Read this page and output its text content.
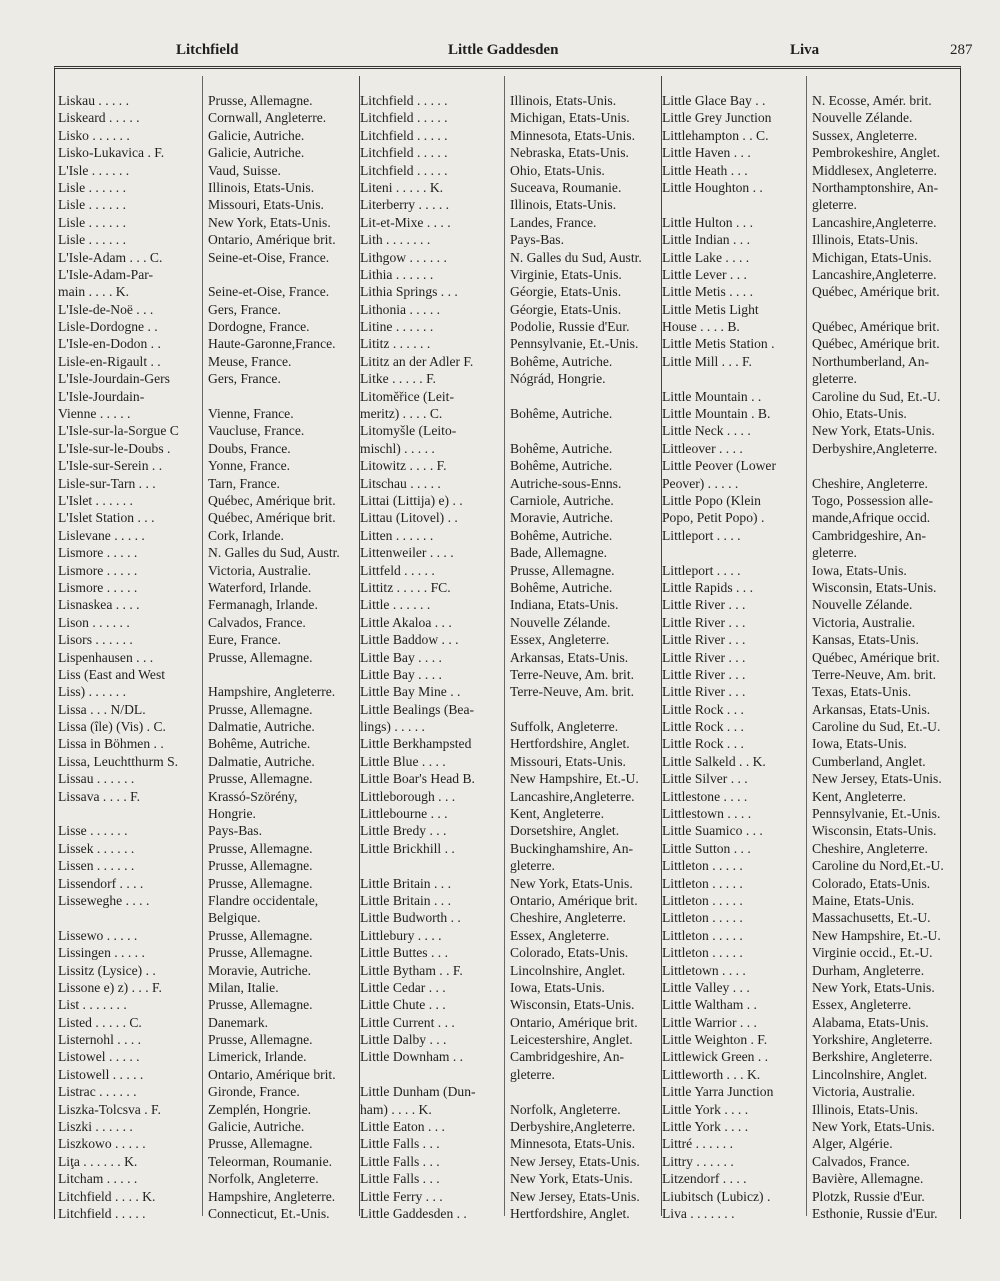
Litchfield	Little Gaddesden	Liva	287
Liskau . . . . .	Prusse, Allemagne.
Liskeard . . . . .	Cornwall, Angleterre.
Lisko . . . . . .	Galicie, Autriche.
Lisko-Lukavica . F.	Galicie, Autriche.
L'Isle . . . . . .	Vaud, Suisse.
Lisle . . . . . .	Illinois, Etats-Unis.
Lisle . . . . . .	Missouri, Etats-Unis.
Lisle . . . . . .	New York, Etats-Unis.
Lisle . . . . . .	Ontario, Amérique brit.
L'Isle-Adam . . . C.	Seine-et-Oise, France.
L'Isle-Adam-Par-
main . . . . K.	Seine-et-Oise, France.
L'Isle-de-Noë . . .	Gers, France.
Lisle-Dordogne . .	Dordogne, France.
L'Isle-en-Dodon . .	Haute-Garonne,France.
Lisle-en-Rigault . .	Meuse, France.
L'Isle-Jourdain-Gers	Gers, France.
L'Isle-Jourdain-
Vienne . . . . .	Vienne, France.
L'Isle-sur-la-Sorgue C	Vaucluse, France.
L'Isle-sur-le-Doubs .	Doubs, France.
L'Isle-sur-Serein . .	Yonne, France.
Lisle-sur-Tarn . . .	Tarn, France.
L'Islet . . . . . .	Québec, Amérique brit.
L'Islet Station . . .	Québec, Amérique brit.
Lislevane . . . . .	Cork, Irlande.
Lismore . . . . .	N. Galles du Sud, Austr.
Lismore . . . . .	Victoria, Australie.
Lismore . . . . .	Waterford, Irlande.
Lisnaskea . . . .	Fermanagh, Irlande.
Lison . . . . . .	Calvados, France.
Lisors . . . . . .	Eure, France.
Lispenhausen . . .	Prusse, Allemagne.
Liss (East and West
Liss) . . . . . .	Hampshire, Angleterre.
Lissa . . . N/DL.	Prusse, Allemagne.
Lissa (île) (Vis) . C.	Dalmatie, Autriche.
Lissa in Böhmen . .	Bohême, Autriche.
Lissa, Leuchtthurm S.	Dalmatie, Autriche.
Lissau . . . . . .	Prusse, Allemagne.
Lissava . . . . F.	Krassó-Szörény,
Hongrie.
Lisse . . . . . .	Pays-Bas.
Lissek . . . . . .	Prusse, Allemagne.
Lissen . . . . . .	Prusse, Allemagne.
Lissendorf . . . .	Prusse, Allemagne.
Lisseweghe . . . .	Flandre occidentale,
Belgique.
Lissewo . . . . .	Prusse, Allemagne.
Lissingen . . . . .	Prusse, Allemagne.
Lissitz (Lysice) . .	Moravie, Autriche.
Lissone e) z) . . . F.	Milan, Italie.
List . . . . . . .	Prusse, Allemagne.
Listed . . . . . C.	Danemark.
Listernohl . . . .	Prusse, Allemagne.
Listowel . . . . .	Limerick, Irlande.
Listowell . . . . .	Ontario, Amérique brit.
Listrac . . . . . .	Gironde, France.
Liszka-Tolcsva . F.	Zemplén, Hongrie.
Liszki . . . . . .	Galicie, Autriche.
Liszkowo . . . . .	Prusse, Allemagne.
Liţa . . . . . . K.	Teleorman, Roumanie.
Litcham . . . . .	Norfolk, Angleterre.
Litchfield . . . . K.	Hampshire, Angleterre.
Litchfield . . . . .	Connecticut, Et.-Unis.
Litchfield . . . . .	Illinois, Etats-Unis.
Litchfield . . . . .	Michigan, Etats-Unis.
Litchfield . . . . .	Minnesota, Etats-Unis.
Litchfield . . . . .	Nebraska, Etats-Unis.
Litchfield . . . . .	Ohio, Etats-Unis.
Liteni . . . . . K.	Suceava, Roumanie.
Literberry . . . . .	Illinois, Etats-Unis.
Lit-et-Mixe . . . .	Landes, France.
Lith . . . . . . .	Pays-Bas.
Lithgow . . . . . .	N. Galles du Sud, Austr.
Lithia . . . . . .	Virginie, Etats-Unis.
Lithia Springs . . .	Géorgie, Etats-Unis.
Lithonia . . . . .	Géorgie, Etats-Unis.
Litine . . . . . .	Podolie, Russie d'Eur.
Lititz . . . . . .	Pennsylvanie, Et.-Unis.
Lititz an der Adler F.	Bohême, Autriche.
Litke . . . . . F.	Nógrád, Hongrie.
Litomĕřice (Leit-
meritz) . . . . C.	Bohême, Autriche.
Litomyšle (Leito-
mischl) . . . . .	Bohême, Autriche.
Litowitz . . . . F.	Bohême, Autriche.
Litschau . . . . .	Autriche-sous-Enns.
Littai (Littija) e) . .	Carniole, Autriche.
Littau (Litovel) . .	Moravie, Autriche.
Litten . . . . . .	Bohême, Autriche.
Littenweiler . . . .	Bade, Allemagne.
Littfeld . . . . .	Prusse, Allemagne.
Littitz . . . . . FC.	Bohême, Autriche.
Little . . . . . .	Indiana, Etats-Unis.
Little Akaloa . . .	Nouvelle Zélande.
Little Baddow . . .	Essex, Angleterre.
Little Bay . . . .	Arkansas, Etats-Unis.
Little Bay . . . .	Terre-Neuve, Am. brit.
Little Bay Mine . .	Terre-Neuve, Am. brit.
Little Bealings (Bea-
lings) . . . . .	Suffolk, Angleterre.
Little Berkhampsted	Hertfordshire, Anglet.
Little Blue . . . .	Missouri, Etats-Unis.
Little Boar's Head B.	New Hampshire, Et.-U.
Littleborough . . .	Lancashire,Angleterre.
Littlebourne . . .	Kent, Angleterre.
Little Bredy . . .	Dorsetshire, Anglet.
Little Brickhill . .	Buckinghamshire, An-
gleterre.
Little Britain . . .	New York, Etats-Unis.
Little Britain . . .	Ontario, Amérique brit.
Little Budworth . .	Cheshire, Angleterre.
Littlebury . . . .	Essex, Angleterre.
Little Buttes . . .	Colorado, Etats-Unis.
Little Bytham . . F.	Lincolnshire, Anglet.
Little Cedar . . .	Iowa, Etats-Unis.
Little Chute . . .	Wisconsin, Etats-Unis.
Little Current . . .	Ontario, Amérique brit.
Little Dalby . . .	Leicestershire, Anglet.
Little Downham . .	Cambridgeshire, An-
gleterre.
Little Dunham (Dun-
ham) . . . . K.	Norfolk, Angleterre.
Little Eaton . . .	Derbyshire,Angleterre.
Little Falls . . .	Minnesota, Etats-Unis.
Little Falls . . .	New Jersey, Etats-Unis.
Little Falls . . .	New York, Etats-Unis.
Little Ferry . . .	New Jersey, Etats-Unis.
Little Gaddesden . .	Hertfordshire, Anglet.
Little Glace Bay . .	N. Ecosse, Amér. brit.
Little Grey Junction	Nouvelle Zélande.
Littlehampton . . C.	Sussex, Angleterre.
Little Haven . . .	Pembrokeshire, Anglet.
Little Heath . . .	Middlesex, Angleterre.
Little Houghton . .	Northamptonshire, An-
gleterre.
Little Hulton . . .	Lancashire,Angleterre.
Little Indian . . .	Illinois, Etats-Unis.
Little Lake . . . .	Michigan, Etats-Unis.
Little Lever . . .	Lancashire,Angleterre.
Little Metis . . . .	Québec, Amérique brit.
Little Metis Light
House . . . . B.	Québec, Amérique brit.
Little Metis Station .	Québec, Amérique brit.
Little Mill . . . F.	Northumberland, An-
gleterre.
Little Mountain . .	Caroline du Sud, Et.-U.
Little Mountain . B.	Ohio, Etats-Unis.
Little Neck . . . .	New York, Etats-Unis.
Littleover . . . .	Derbyshire,Angleterre.
Little Peover (Lower
Peover) . . . . .	Cheshire, Angleterre.
Little Popo (Klein	Togo, Possession alle-
Popo, Petit Popo) .	mande,Afrique occid.
Littleport . . . .	Cambridgeshire, An-
gleterre.
Littleport . . . .	Iowa, Etats-Unis.
Little Rapids . . .	Wisconsin, Etats-Unis.
Little River . . .	Nouvelle Zélande.
Little River . . .	Victoria, Australie.
Little River . . .	Kansas, Etats-Unis.
Little River . . .	Québec, Amérique brit.
Little River . . .	Terre-Neuve, Am. brit.
Little River . . .	Texas, Etats-Unis.
Little Rock . . .	Arkansas, Etats-Unis.
Little Rock . . .	Caroline du Sud, Et.-U.
Little Rock . . .	Iowa, Etats-Unis.
Little Salkeld . . K.	Cumberland, Anglet.
Little Silver . . .	New Jersey, Etats-Unis.
Littlestone . . . .	Kent, Angleterre.
Littlestown . . . .	Pennsylvanie, Et.-Unis.
Little Suamico . . .	Wisconsin, Etats-Unis.
Little Sutton . . .	Cheshire, Angleterre.
Littleton . . . . .	Caroline du Nord,Et.-U.
Littleton . . . . .	Colorado, Etats-Unis.
Littleton . . . . .	Maine, Etats-Unis.
Littleton . . . . .	Massachusetts, Et.-U.
Littleton . . . . .	New Hampshire, Et.-U.
Littleton . . . . .	Virginie occid., Et.-U.
Littletown . . . .	Durham, Angleterre.
Little Valley . . .	New York, Etats-Unis.
Little Waltham . .	Essex, Angleterre.
Little Warrior . . .	Alabama, Etats-Unis.
Little Weighton . F.	Yorkshire, Angleterre.
Littlewick Green . .	Berkshire, Angleterre.
Littleworth . . . K.	Lincolnshire, Anglet.
Little Yarra Junction	Victoria, Australie.
Little York . . . .	Illinois, Etats-Unis.
Little York . . . .	New York, Etats-Unis.
Littré . . . . . .	Alger, Algérie.
Littry . . . . . .	Calvados, France.
Litzendorf . . . .	Bavière, Allemagne.
Liubitsch (Lubicz) .	Plotzk, Russie d'Eur.
Liva . . . . . . .	Esthonie, Russie d'Eur.
